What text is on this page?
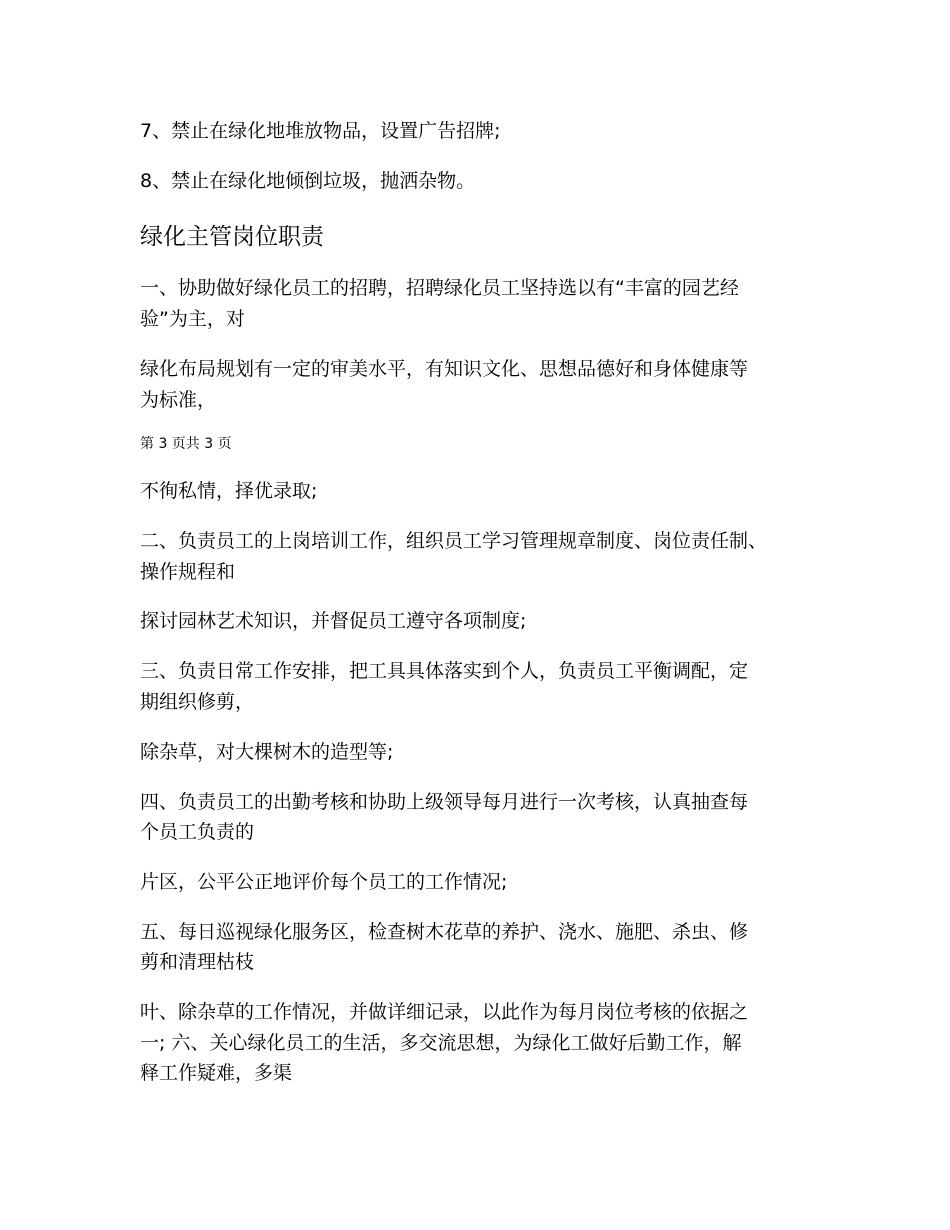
7、禁止在绿化地堆放物品，设置广告招牌;
8、禁止在绿化地倾倒垃圾，抛洒杂物。
绿化主管岗位职责
一、协助做好绿化员工的招聘，招聘绿化员工坚持选以有“丰富的园艺经
验”为主，对
绿化布局规划有一定的审美水平，有知识文化、思想品德好和身体健康等
为标准，
第 3 页共 3 页
不徇私情，择优录取;
二、负责员工的上岗培训工作，组织员工学习管理规章制度、岗位责任制、
操作规程和
探讨园林艺术知识，并督促员工遵守各项制度;
三、负责日常工作安排，把工具具体落实到个人，负责员工平衡调配，定
期组织修剪，
除杂草，对大棵树木的造型等;
四、负责员工的出勤考核和协助上级领导每月进行一次考核，认真抽查每
个员工负责的
片区，公平公正地评价每个员工的工作情况;
五、每日巡视绿化服务区，检查树木花草的养护、浇水、施肥、杀虫、修
剪和清理枯枝
叶、除杂草的工作情况，并做详细记录，以此作为每月岗位考核的依据之
一; 六、关心绿化员工的生活，多交流思想，为绿化工做好后勤工作，解
释工作疑难，多渠
